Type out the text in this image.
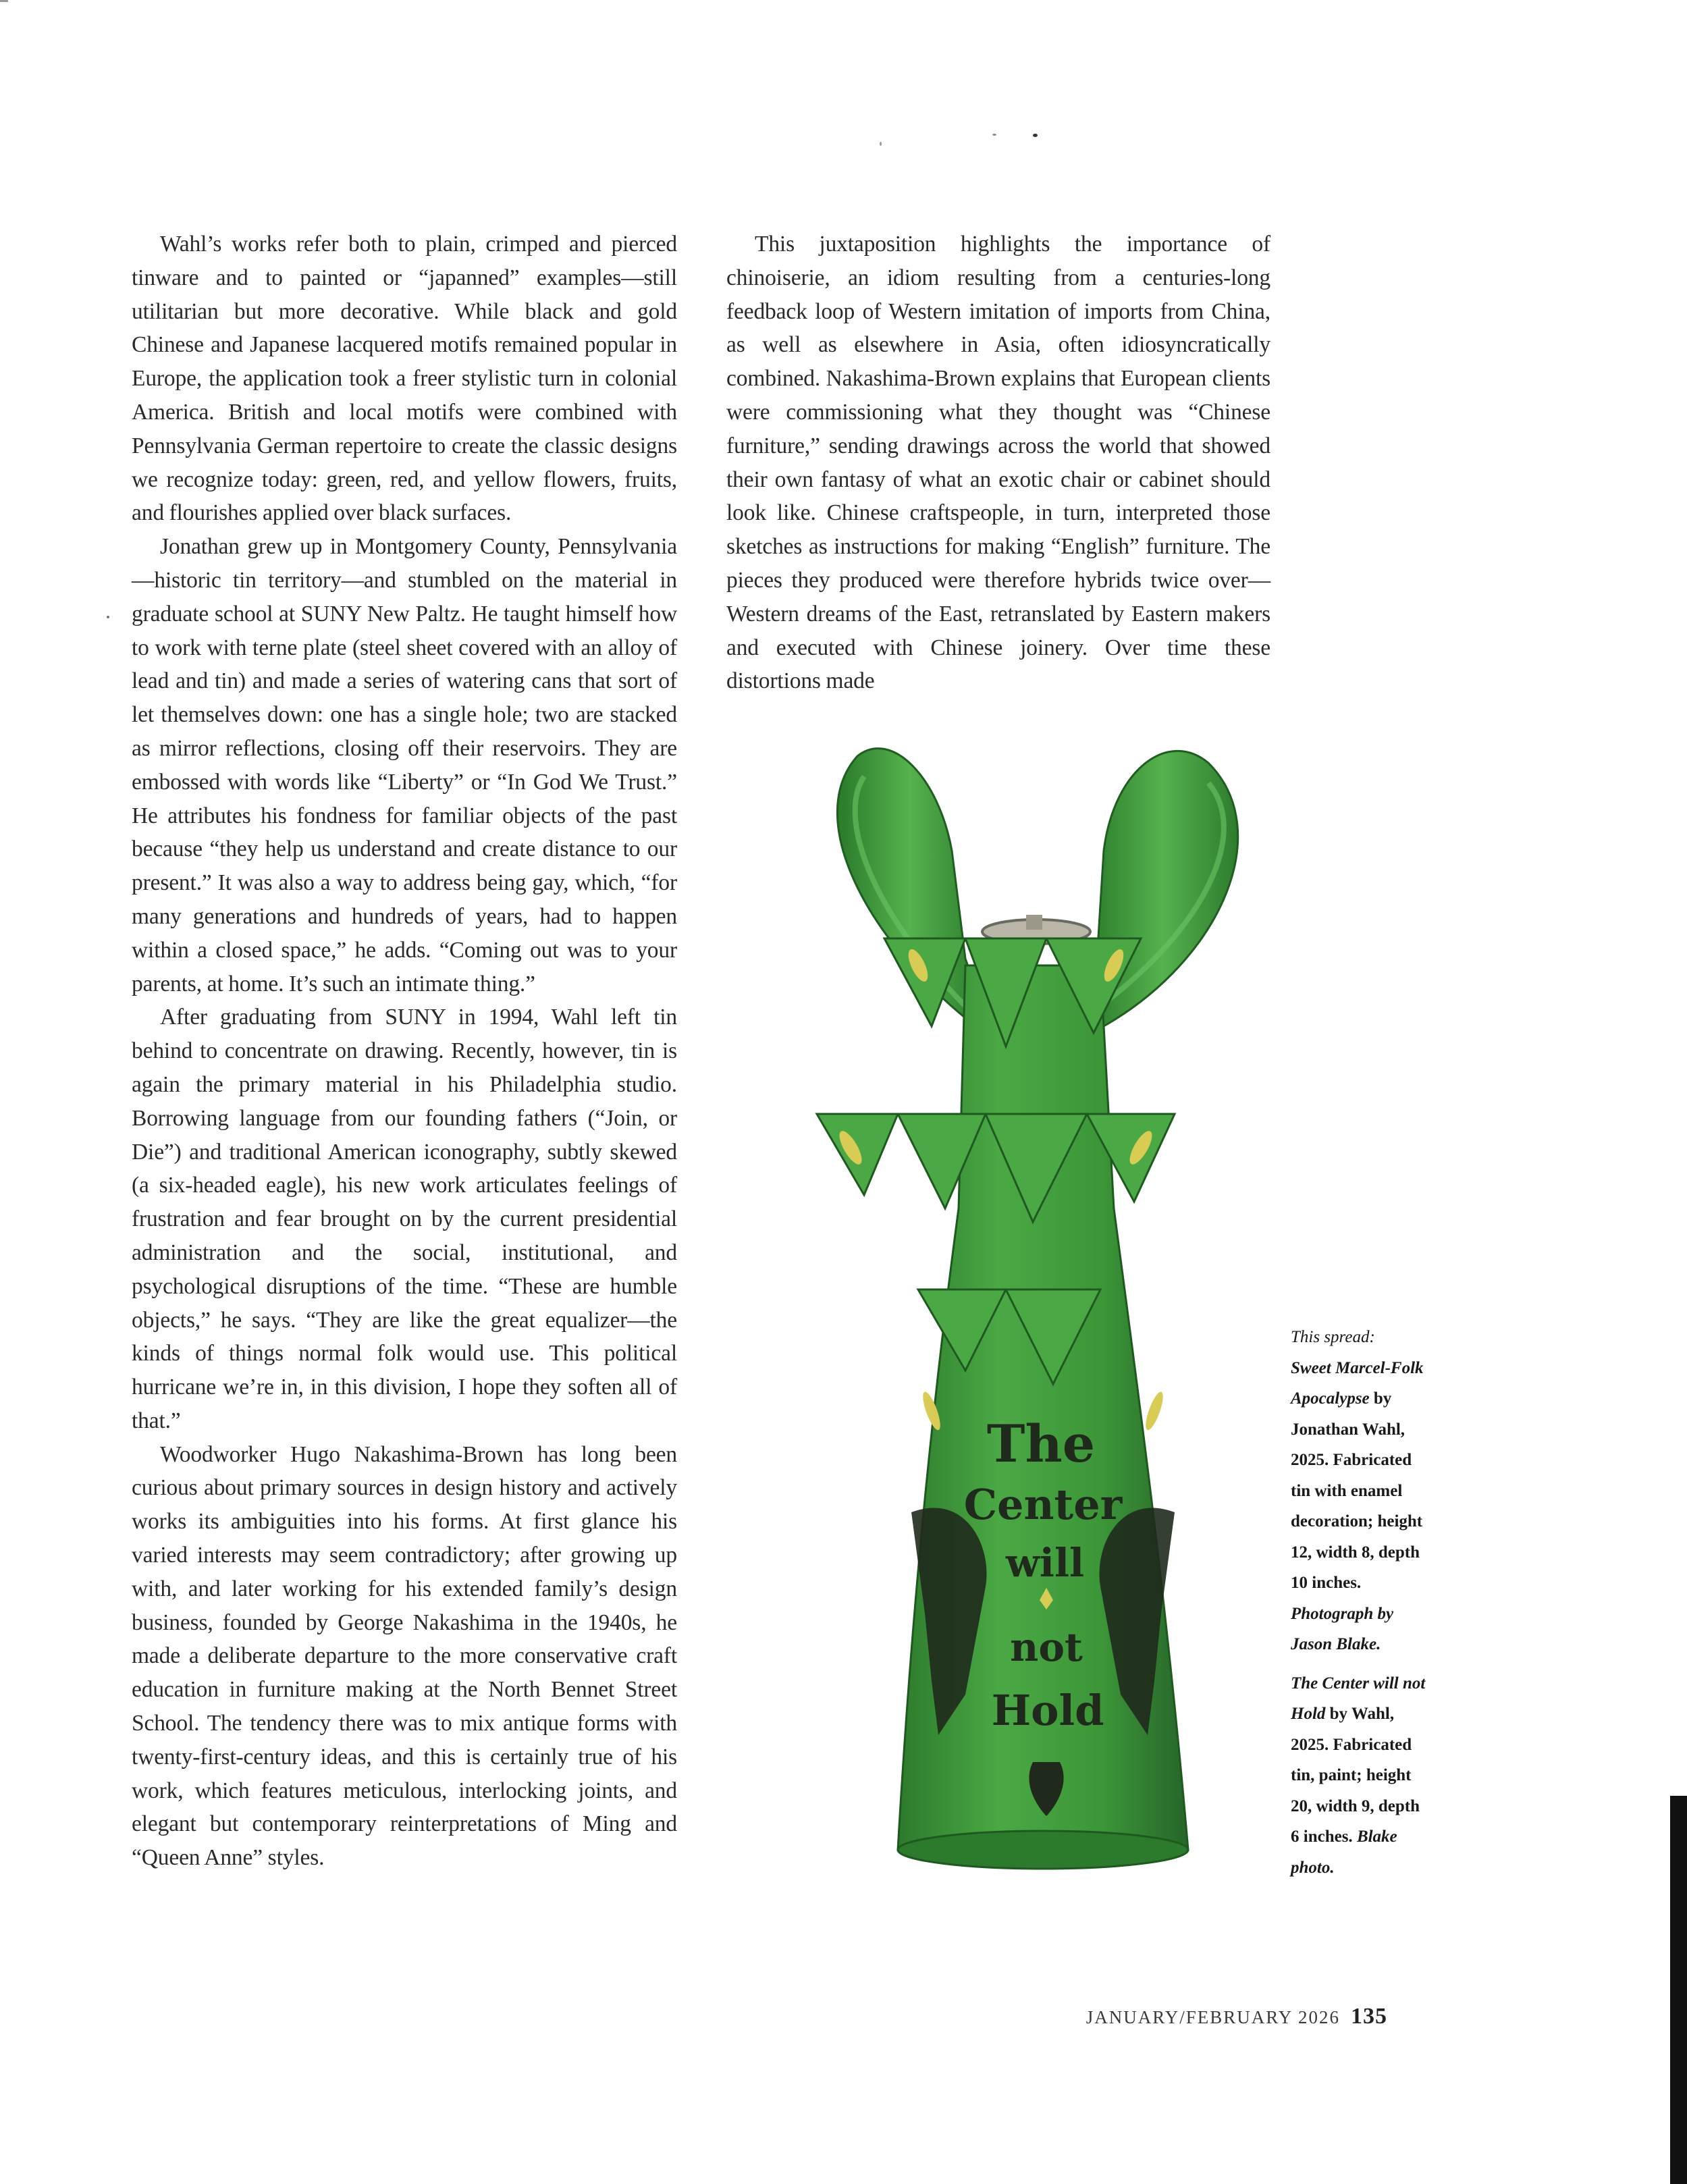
Wahl’s works refer both to plain, crimped and pierced tinware and to painted or “japanned” examples—still utilitarian but more decorative. While black and gold Chinese and Japanese lacquered motifs remained popular in Europe, the application took a freer stylistic turn in colonial America. British and local motifs were combined with Pennsylvania German repertoire to create the classic designs we recognize today: green, red, and yellow flowers, fruits, and flourishes applied over black surfaces.

Jonathan grew up in Montgomery County, Pennsylvania—historic tin territory—and stumbled on the material in graduate school at SUNY New Paltz. He taught himself how to work with terne plate (steel sheet covered with an alloy of lead and tin) and made a series of watering cans that sort of let themselves down: one has a single hole; two are stacked as mirror reflections, closing off their reservoirs. They are embossed with words like “Liberty” or “In God We Trust.” He attributes his fondness for familiar objects of the past because “they help us understand and create distance to our present.” It was also a way to address being gay, which, “for many generations and hundreds of years, had to happen within a closed space,” he adds. “Coming out was to your parents, at home. It’s such an intimate thing.”

After graduating from SUNY in 1994, Wahl left tin behind to concentrate on drawing. Recently, however, tin is again the primary material in his Philadelphia studio. Borrowing language from our founding fathers (“Join, or Die”) and traditional American iconography, subtly skewed (a six-headed eagle), his new work articulates feelings of frustration and fear brought on by the current presidential administration and the social, institutional, and psychological disruptions of the time. “These are humble objects,” he says. “They are like the great equalizer—the kinds of things normal folk would use. This political hurricane we’re in, in this division, I hope they soften all of that.”

Woodworker Hugo Nakashima-Brown has long been curious about primary sources in design history and actively works its ambiguities into his forms. At first glance his varied interests may seem contradictory; after growing up with, and later working for his extended family’s design business, founded by George Nakashima in the 1940s, he made a deliberate departure to the more conservative craft education in furniture making at the North Bennet Street School. The tendency there was to mix antique forms with twenty-first-century ideas, and this is certainly true of his work, which features meticulous, interlocking joints, and elegant but contemporary reinterpretations of Ming and “Queen Anne” styles.

This juxtaposition highlights the importance of chinoiserie, an idiom resulting from a centuries-long feedback loop of Western imitation of imports from China, as well as elsewhere in Asia, often idiosyncratically combined. Nakashima-Brown explains that European clients were commissioning what they thought was “Chinese furniture,” sending drawings across the world that showed their own fantasy of what an exotic chair or cabinet should look like. Chinese craftspeople, in turn, interpreted those sketches as instructions for making “English” furniture. The pieces they produced were therefore hybrids twice over—Western dreams of the East, retranslated by Eastern makers and executed with Chinese joinery. Over time these distortions made

The
Center
will
not
Hold

This spread:
Sweet Marcel-Folk Apocalypse by Jonathan Wahl, 2025. Fabricated tin with enamel decoration; height 12, width 8, depth 10 inches. Photograph by Jason Blake.

The Center will not Hold by Wahl, 2025. Fabricated tin, paint; height 20, width 9, depth 6 inches. Blake photo.

JANUARY/FEBRUARY 2026 135
